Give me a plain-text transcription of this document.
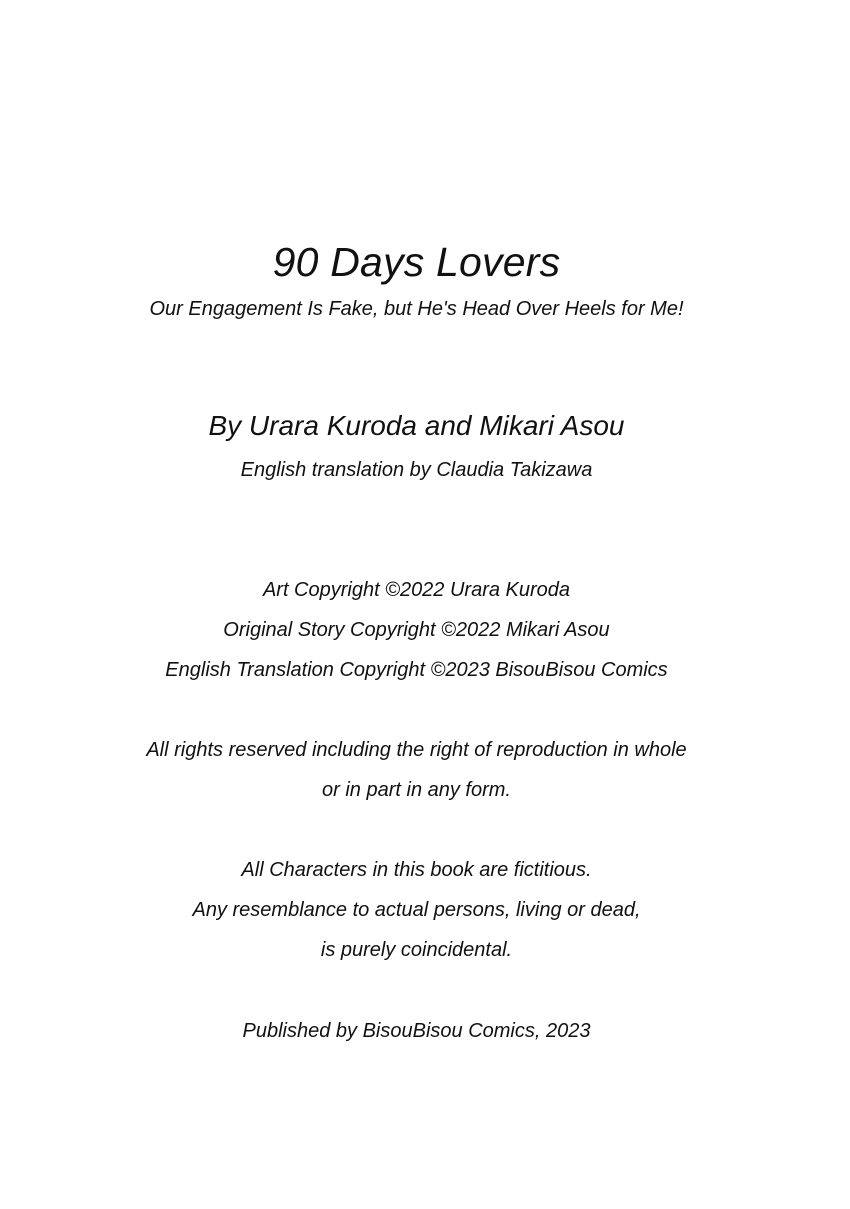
90 Days Lovers
Our Engagement Is Fake, but He's Head Over Heels for Me!
By Urara Kuroda and Mikari Asou
English translation by Claudia Takizawa
Art Copyright ©2022 Urara Kuroda
Original Story Copyright ©2022 Mikari Asou
English Translation Copyright ©2023 BisouBisou Comics
All rights reserved including the right of reproduction in whole
or in part in any form.
All Characters in this book are fictitious.
Any resemblance to actual persons, living or dead,
is purely coincidental.
Published by BisouBisou Comics, 2023
